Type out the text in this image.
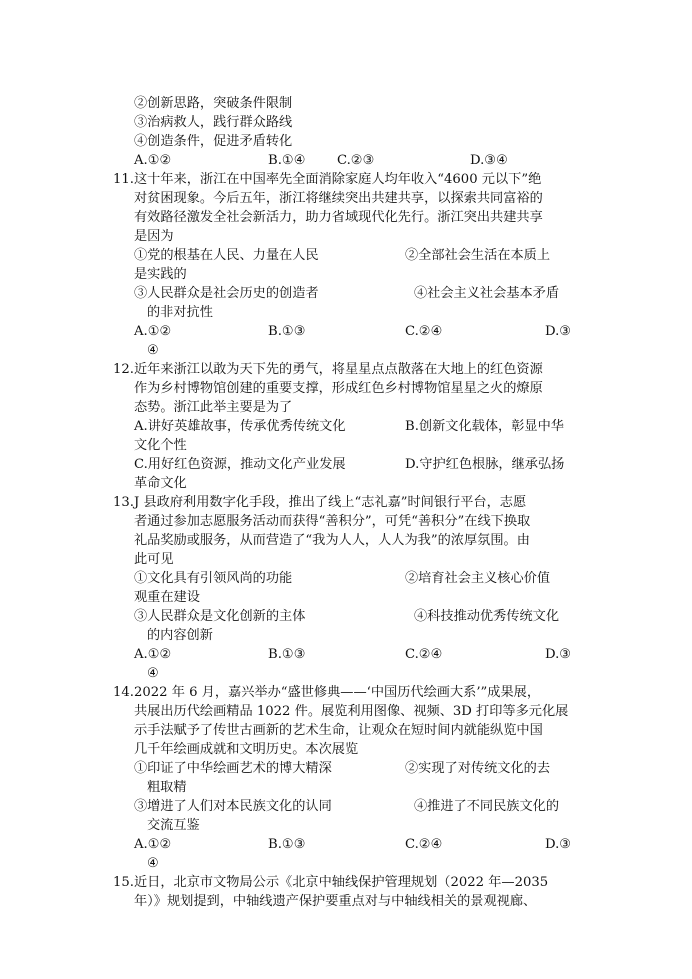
②创新思路，突破条件限制
③治病救人，践行群众路线
④创造条件，促进矛盾转化
A.①②	B.①④ C.②③	D.③④
11.这十年来，浙江在中国率先全面消除家庭人均年收入“4600 元以下”绝
对贫困现象。今后五年，浙江将继续突出共建共享，以探索共同富裕的
有效路径激发全社会新活力，助力省域现代化先行。浙江突出共建共享
是因为
①党的根基在人民、力量在人民	②全部社会生活在本质上
是实践的
③人民群众是社会历史的创造者	④社会主义社会基本矛盾
的非对抗性
A.①②	B.①③	C.②④	D.③
④
12.近年来浙江以敢为天下先的勇气，将星星点点散落在大地上的红色资源
作为乡村博物馆创建的重要支撑，形成红色乡村博物馆星星之火的燎原
态势。浙江此举主要是为了
A.讲好英雄故事，传承优秀传统文化	B.创新文化载体，彰显中华
文化个性
C.用好红色资源，推动文化产业发展	D.守护红色根脉，继承弘扬
革命文化
13.J 县政府利用数字化手段，推出了线上“志礼嘉”时间银行平台，志愿
者通过参加志愿服务活动而获得“善积分”，可凭“善积分”在线下换取
礼品奖励或服务，从而营造了“我为人人，人人为我”的浓厚氛围。由
此可见
①文化具有引领风尚的功能	②培育社会主义核心价值
观重在建设
③人民群众是文化创新的主体	④科技推动优秀传统文化
的内容创新
A.①②	B.①③	C.②④	D.③
④
14.2022 年 6 月，嘉兴举办“盛世修典——‘中国历代绘画大系’”成果展，
共展出历代绘画精品 1022 件。展览利用图像、视频、3D 打印等多元化展
示手法赋予了传世古画新的艺术生命，让观众在短时间内就能纵览中国
几千年绘画成就和文明历史。本次展览
①印证了中华绘画艺术的博大精深	②实现了对传统文化的去
粗取精
③增进了人们对本民族文化的认同	④推进了不同民族文化的
交流互鉴
A.①②	B.①③	C.②④	D.③
④
15.近日，北京市文物局公示《北京中轴线保护管理规划（2022 年—2035
年）》规划提到，中轴线遗产保护要重点对与中轴线相关的景观视廊、
